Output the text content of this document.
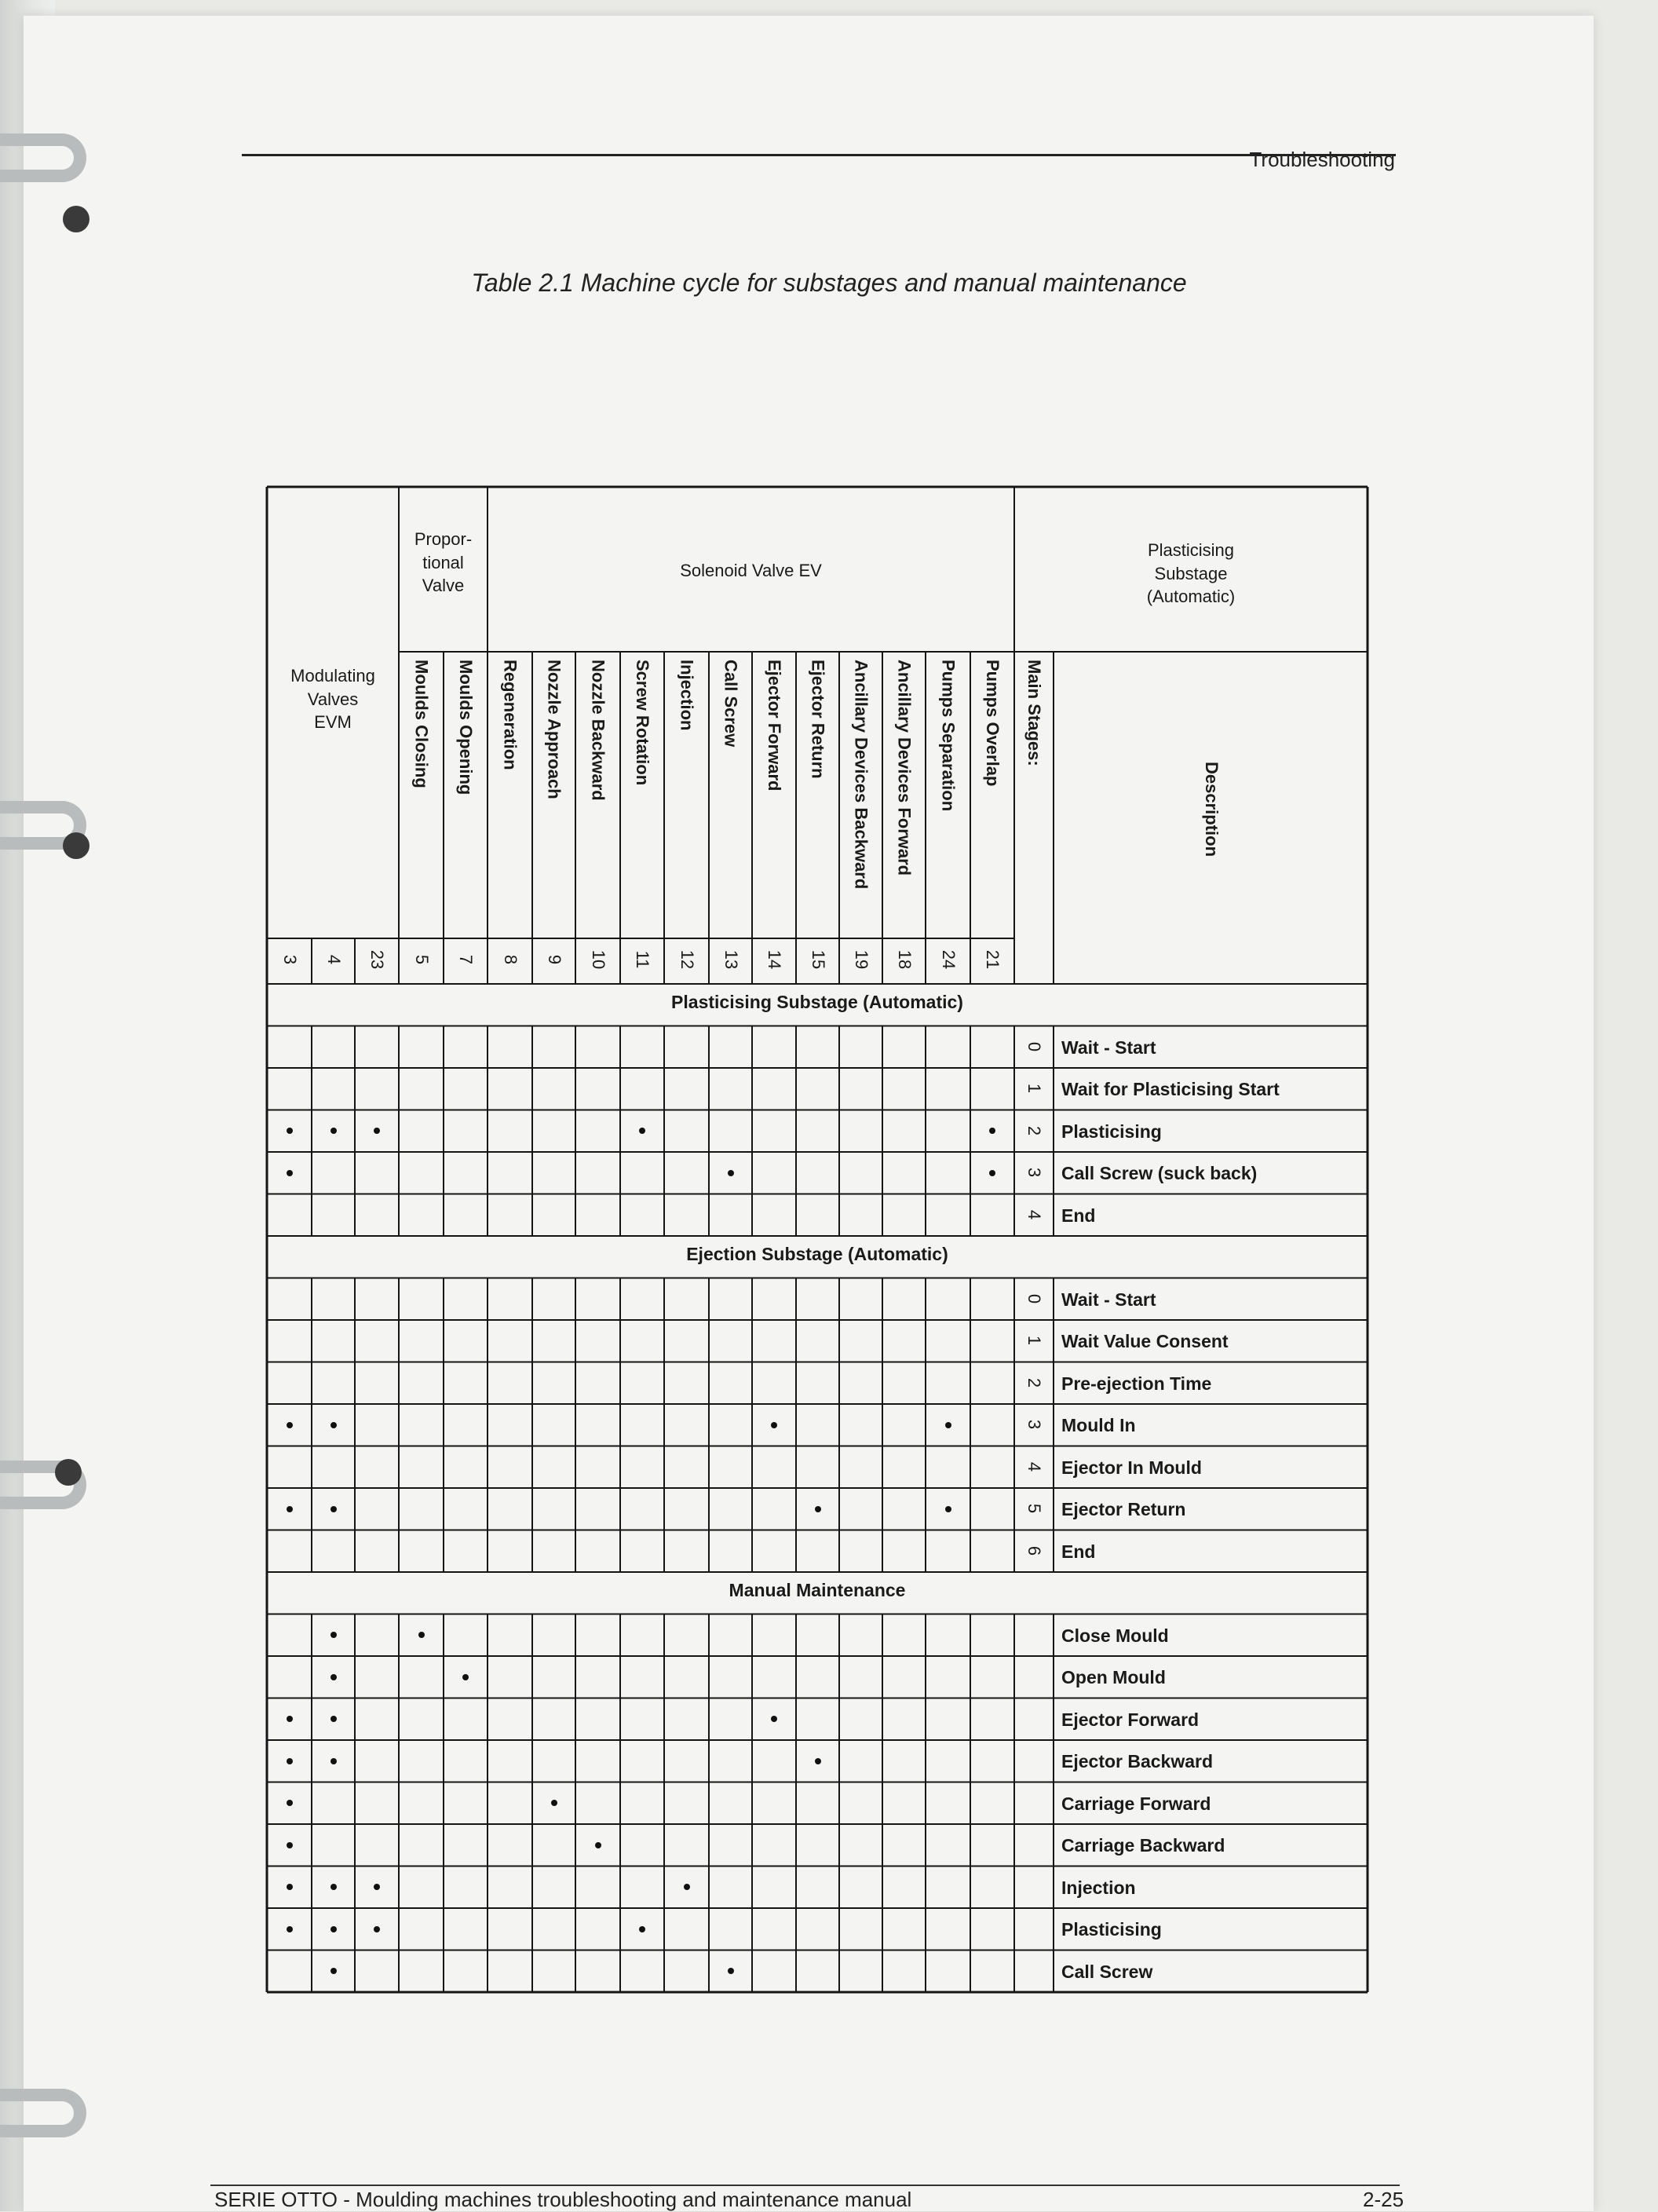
Troubleshooting
Table 2.1 Machine cycle for substages and manual maintenance
Modulating
Valves
EVM
Propor-
tional
Valve
Solenoid Valve EV
Plasticising
Substage
(Automatic)
3 4 23
Moulds Closing
5
Moulds Opening
7
Regeneration
8
Nozzle Approach
9
Nozzle Backward
10
Screw Rotation
11
Injection
12
Call Screw
13
Ejector Forward
14
Ejector Return
15
Ancillary Devices Backward
19
Ancillary Devices Forward
18
Pumps Separation
24
Pumps Overlap
21
Main Stages:
Description
Plasticising Substage (Automatic)
0 Wait - Start
1 Wait for Plasticising Start
2 Plasticising
3 Call Screw (suck back)
4 End
Ejection Substage (Automatic)
0 Wait - Start
1 Wait Value Consent
2 Pre-ejection Time
3 Mould In
4 Ejector In Mould
5 Ejector Return
6 End
Manual Maintenance
Close Mould
Open Mould
Ejector Forward
Ejector Backward
Carriage Forward
Carriage Backward
Injection
Plasticising
Call Screw
SERIE OTTO - Moulding machines troubleshooting and maintenance manual	2-25
